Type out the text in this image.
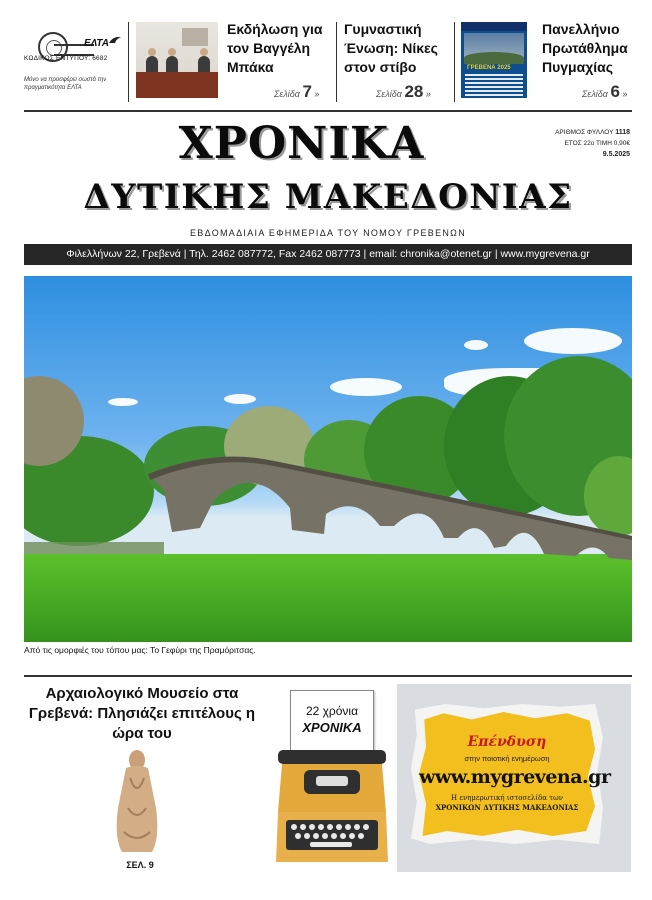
ΕΛΤΑ
ΚΩΔΙΚΟΣ ΕΝΤΥΠΟΥ: 6682
Μόνο να προσφέρει σωστά την πραγματικότητα ΕΛΤΑ
Εκδήλωση για τον Βαγγέλη Μπάκα
Σελίδα 7 »
Γυμναστική Ένωση: Νίκες στον στίβο
Σελίδα 28 »
ΓΡΕΒΕΝΑ 2025
Πανελλήνιο Πρωτάθλημα Πυγμαχίας
Σελίδα 6 »
ΧΡΟΝΙΚΑ	ΑΡΙΘΜΟΣ ΦΥΛΛΟΥ 1118
ΕΤΟΣ 22ο ΤΙΜΗ 0,90€
9.5.2025
ΔΥΤΙΚΗΣ ΜΑΚΕΔΟΝΙΑΣ
ΕΒΔΟΜΑΔΙΑΙΑ ΕΦΗΜΕΡΙΔΑ ΤΟΥ ΝΟΜΟΥ ΓΡΕΒΕΝΩΝ
Φιλελλήνων 22, Γρεβενά | Τηλ. 2462 087772, Fax 2462 087773 | email: chronika@otenet.gr | www.mygrevena.gr
Από τις ομορφιές του τόπου μας: Το Γεφύρι της Πραμόριτσας.
Αρχαιολογικό Μουσείο στα Γρεβενά: Πλησιάζει επιτέλους η ώρα του
ΣΕΛ. 9
22 χρόνια
ΧΡΟΝΙΚΑ
Επένδυση
στην ποιοτική ενημέρωση
www.mygrevena.gr
Η ενημερωτική ιστοσελίδα των
ΧΡΟΝΙΚΩΝ ΔΥΤΙΚΗΣ ΜΑΚΕΔΟΝΙΑΣ
